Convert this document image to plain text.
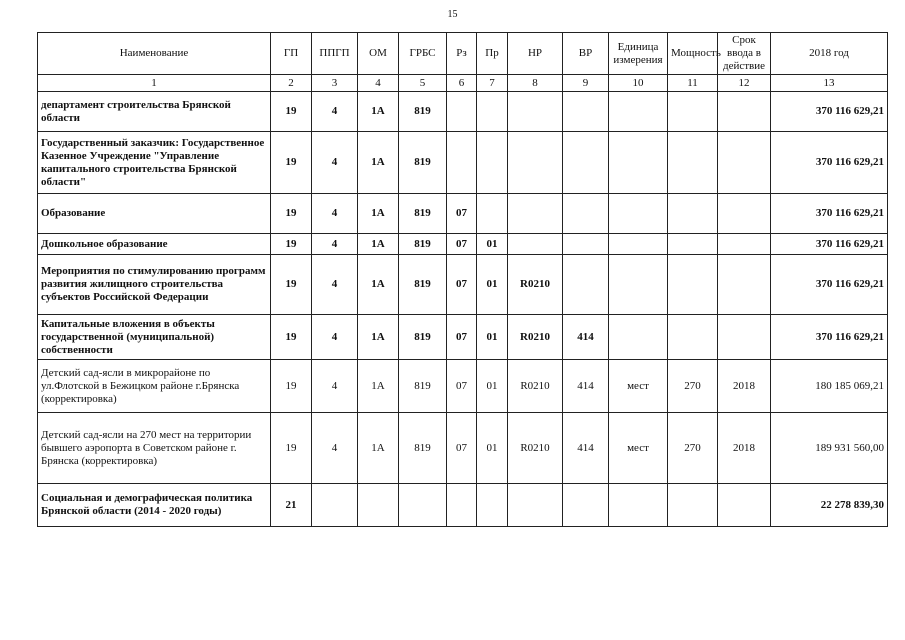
15
Наименование	ГП	ППГП	ОМ	ГРБС	Рз	Пр	НР	ВР	Единица измерения	Мощность	Срок ввода в действие	2018 год
1	2	3	4	5	6	7	8	9	10	11	12	13
департамент строительства Брянской области	19	4	1А	819								370 116 629,21
Государственный заказчик: Государственное Казенное Учреждение "Управление капитального строительства Брянской области"	19	4	1А	819								370 116 629,21
Образование	19	4	1А	819	07							370 116 629,21
Дошкольное образование	19	4	1А	819	07	01						370 116 629,21
Мероприятия по стимулированию программ развития жилищного строительства субъектов Российской Федерации	19	4	1А	819	07	01	R0210					370 116 629,21
Капитальные вложения в объекты государственной (муниципальной) собственности	19	4	1А	819	07	01	R0210	414				370 116 629,21
Детский сад-ясли в микрорайоне по ул.Флотской в Бежицком районе г.Брянска (корректировка)	19	4	1А	819	07	01	R0210	414	мест	270	2018	180 185 069,21
Детский сад-ясли на 270 мест на территории бывшего аэропорта в Советском районе г. Брянска (корректировка)	19	4	1А	819	07	01	R0210	414	мест	270	2018	189 931 560,00
Социальная и демографическая политика Брянской области (2014 - 2020 годы)	21											22 278 839,30
